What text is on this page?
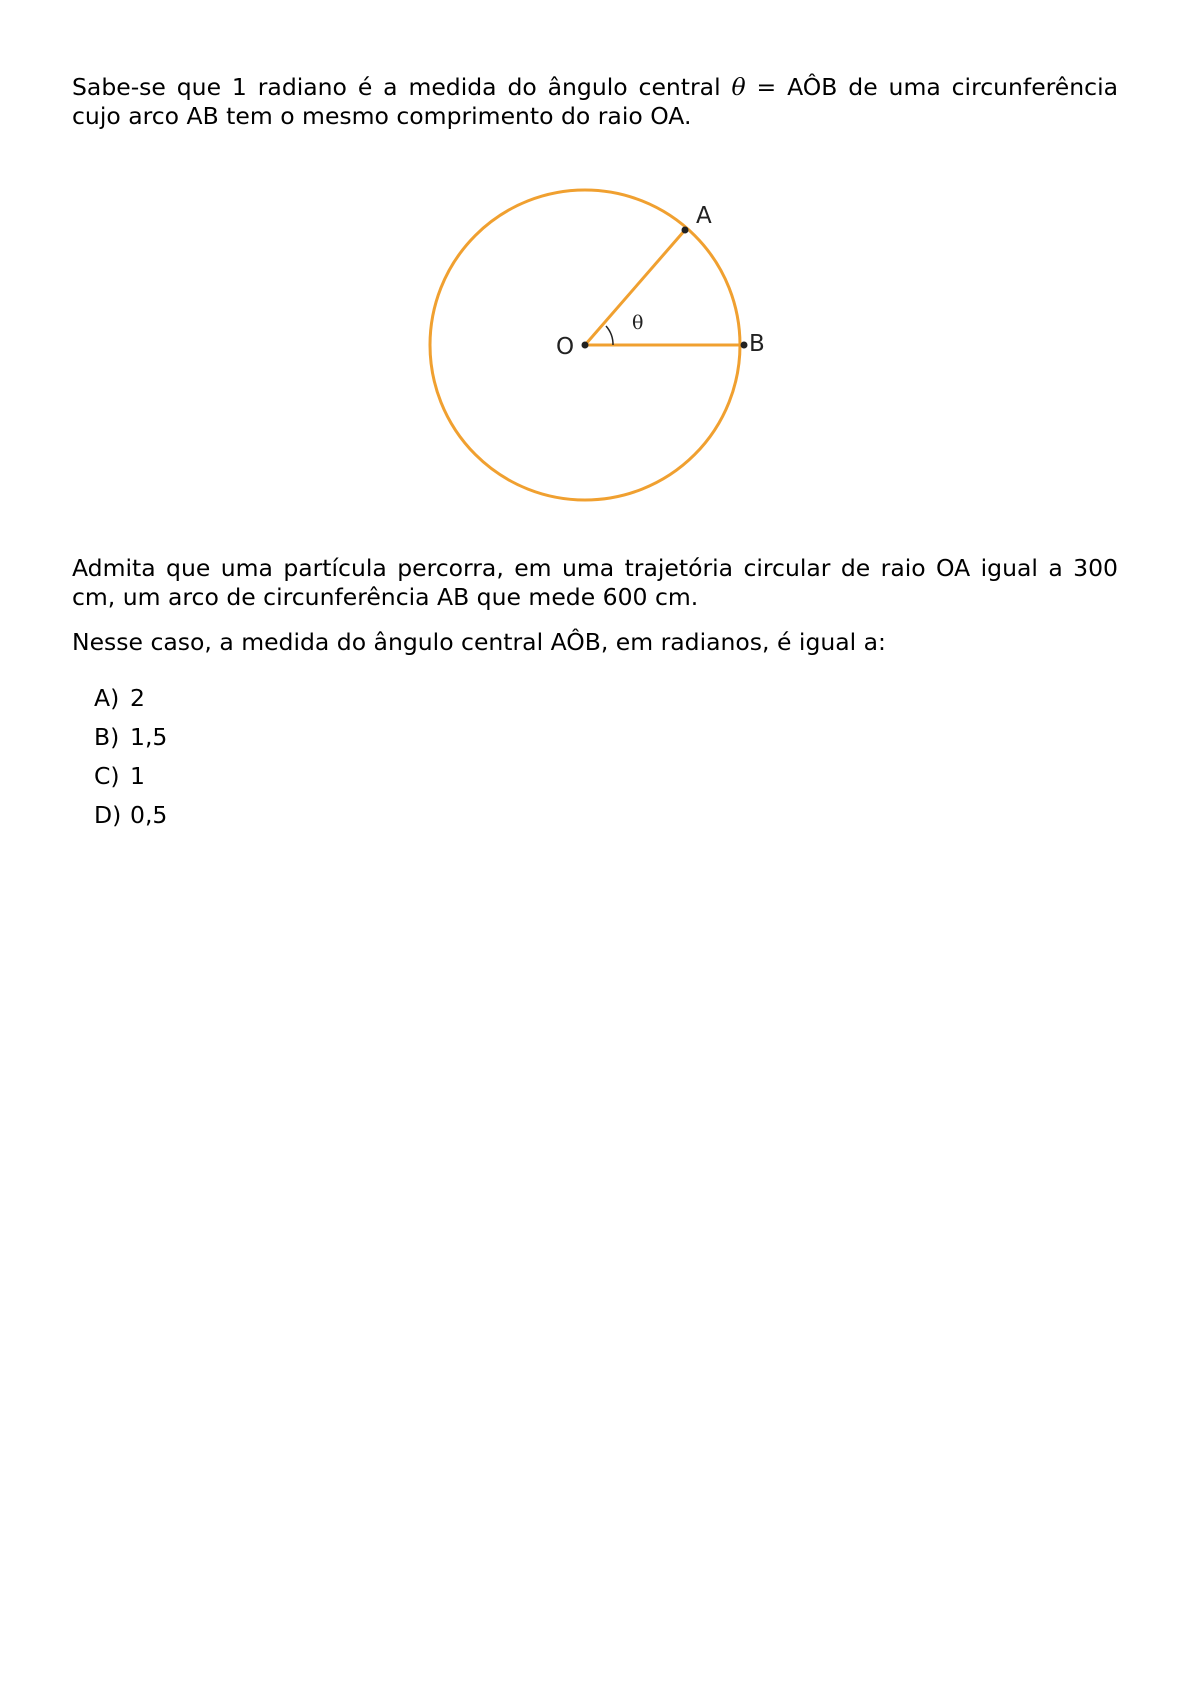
Sabe-se que 1 radiano é a medida do ângulo central θ = AÔB de uma circunferência cujo arco AB tem o mesmo comprimento do raio OA.

A
B
O
θ

Admita que uma partícula percorra, em uma trajetória circular de raio OA igual a 300 cm, um arco de circunferência AB que mede 600 cm.

Nesse caso, a medida do ângulo central AÔB, em radianos, é igual a:

A) 2
B) 1,5
C) 1
D) 0,5
